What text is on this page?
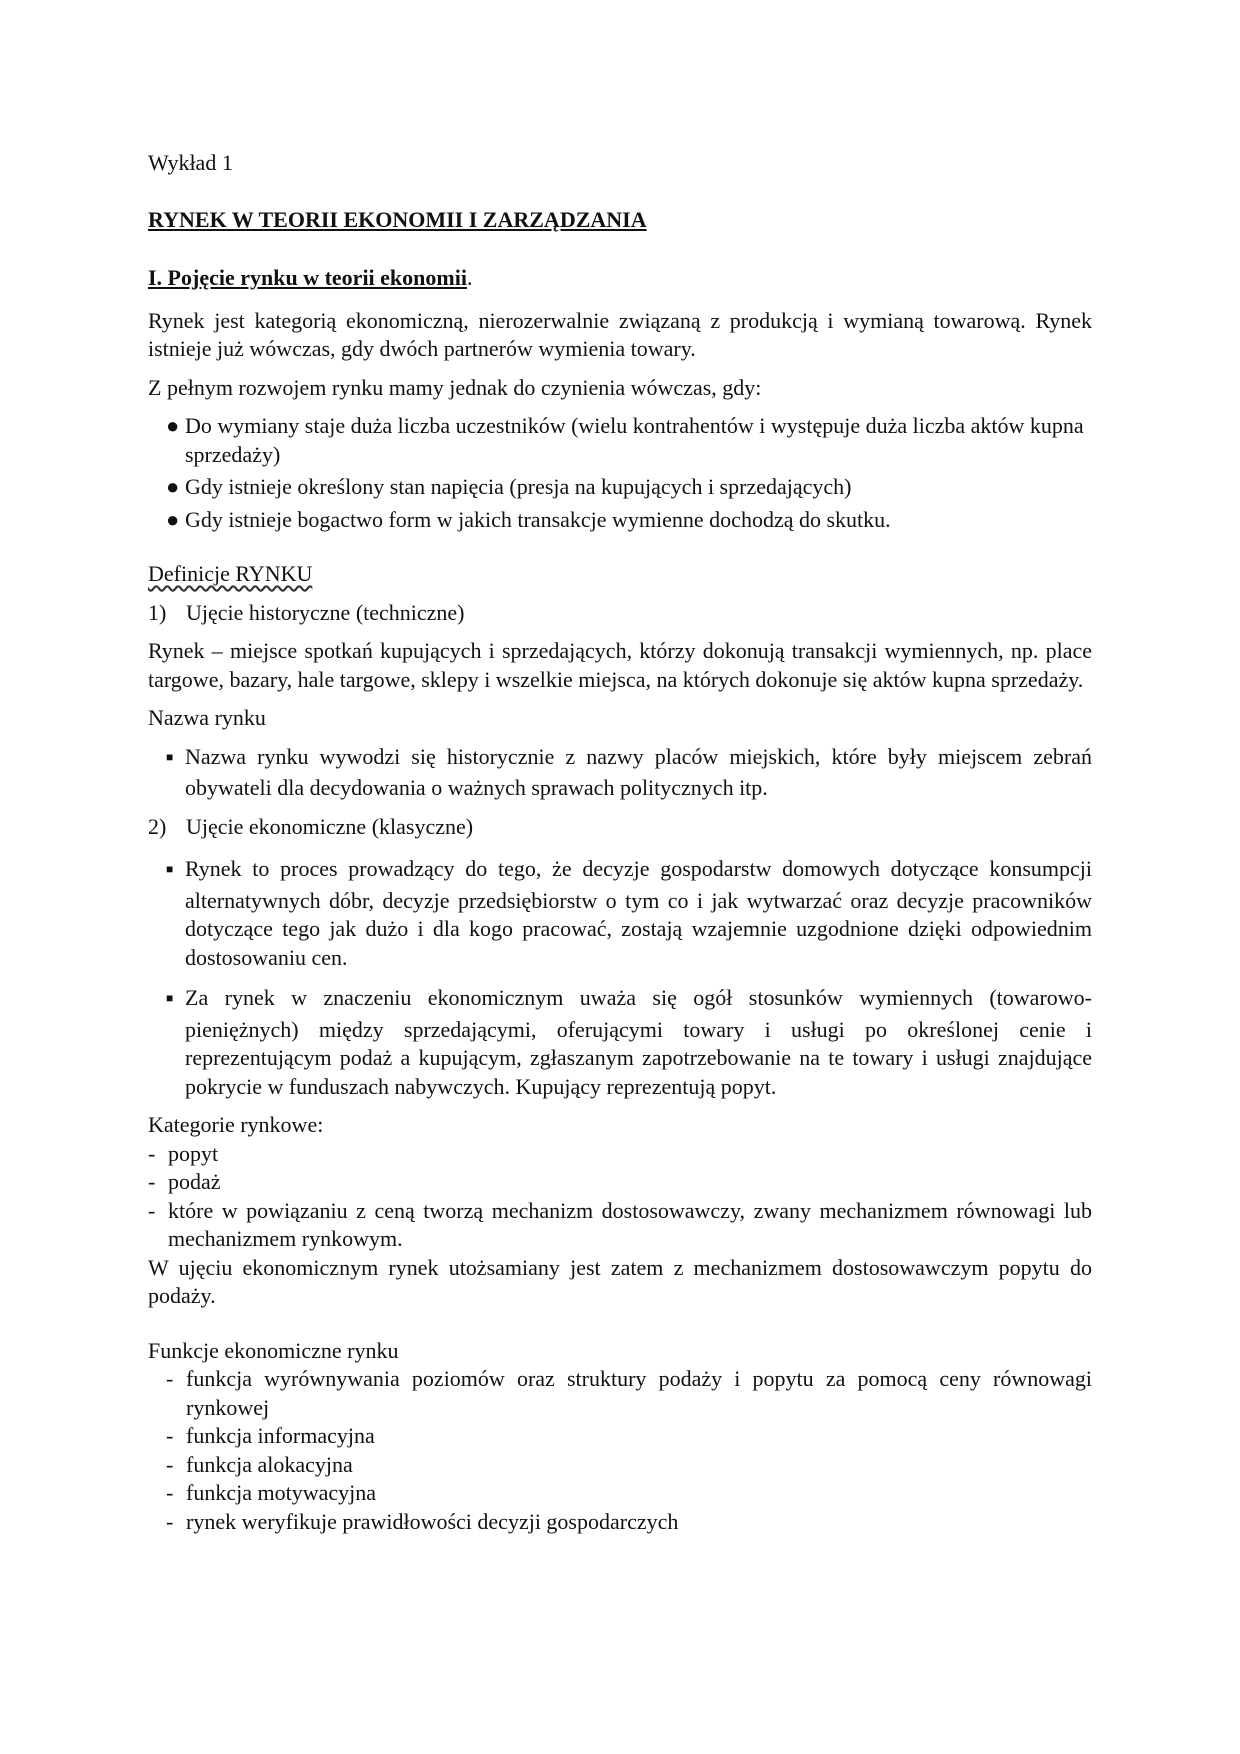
Wykład 1

RYNEK W TEORII EKONOMII I ZARZĄDZANIA

I. Pojęcie rynku w teorii ekonomii.

Rynek jest kategorią ekonomiczną, nierozerwalnie związaną z produkcją i wymianą towarową. Rynek istnieje już wówczas, gdy dwóch partnerów wymienia towary.

Z pełnym rozwojem rynku mamy jednak do czynienia wówczas, gdy:

● Do wymiany staje duża liczba uczestników (wielu kontrahentów i występuje duża liczba aktów kupna sprzedaży)
● Gdy istnieje określony stan napięcia (presja na kupujących i sprzedających)
● Gdy istnieje bogactwo form w jakich transakcje wymienne dochodzą do skutku.

Definicje RYNKU

1) Ujęcie historyczne (techniczne)

Rynek – miejsce spotkań kupujących i sprzedających, którzy dokonują transakcji wymiennych, np. place targowe, bazary, hale targowe, sklepy i wszelkie miejsca, na których dokonuje się aktów kupna sprzedaży.

Nazwa rynku

■ Nazwa rynku wywodzi się historycznie z nazwy placów miejskich, które były miejscem zebrań obywateli dla decydowania o ważnych sprawach politycznych itp.

2) Ujęcie ekonomiczne (klasyczne)

■ Rynek to proces prowadzący do tego, że decyzje gospodarstw domowych dotyczące konsumpcji alternatywnych dóbr, decyzje przedsiębiorstw o tym co i jak wytwarzać oraz decyzje pracowników dotyczące tego jak dużo i dla kogo pracować, zostają wzajemnie uzgodnione dzięki odpowiednim dostosowaniu cen.
■ Za rynek w znaczeniu ekonomicznym uważa się ogół stosunków wymiennych (towarowo-pieniężnych) między sprzedającymi, oferującymi towary i usługi po określonej cenie i reprezentującym podaż a kupującym, zgłaszanym zapotrzebowanie na te towary i usługi znajdujące pokrycie w funduszach nabywczych. Kupujący reprezentują popyt.

Kategorie rynkowe:

- popyt
- podaż
- które w powiązaniu z ceną tworzą mechanizm dostosowawczy, zwany mechanizmem równowagi lub mechanizmem rynkowym.

W ujęciu ekonomicznym rynek utożsamiany jest zatem z mechanizmem dostosowawczym popytu do podaży.

Funkcje ekonomiczne rynku

- funkcja wyrównywania poziomów oraz struktury podaży i popytu za pomocą ceny równowagi rynkowej
- funkcja informacyjna
- funkcja alokacyjna
- funkcja motywacyjna
- rynek weryfikuje prawidłowości decyzji gospodarczych
